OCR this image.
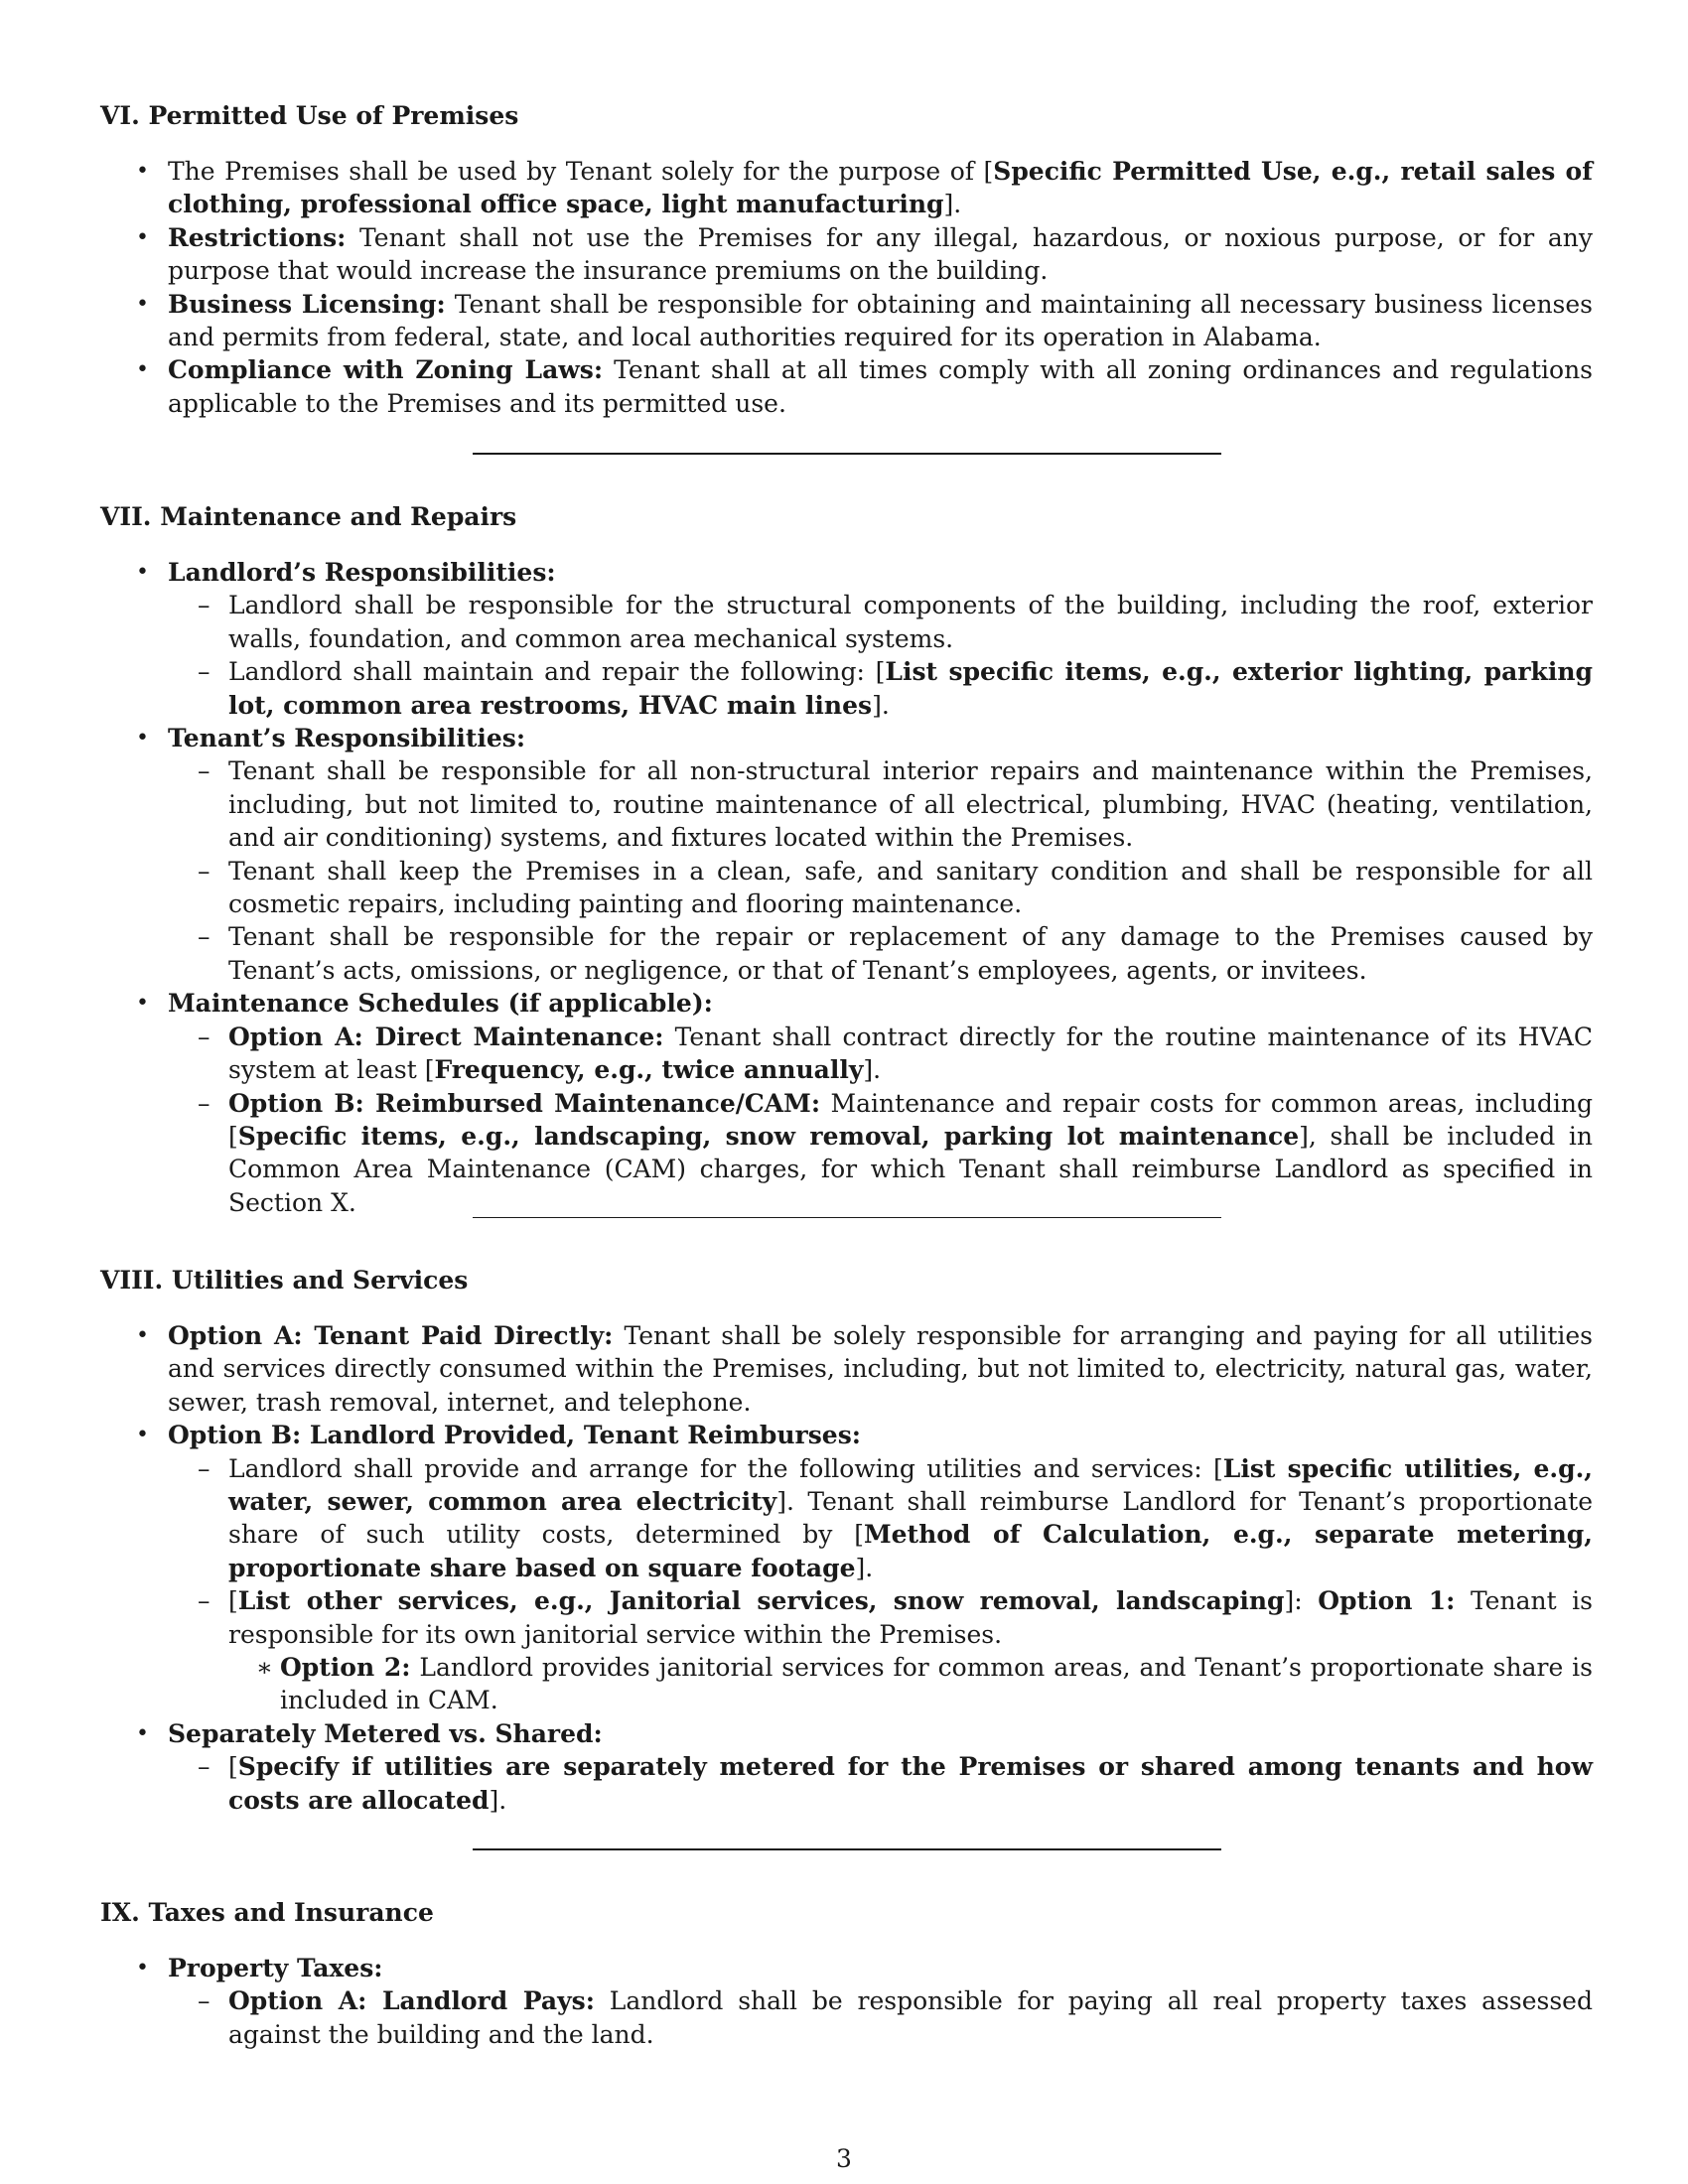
VI. Permitted Use of Premises
• The Premises shall be used by Tenant solely for the purpose of [Specific Permitted Use, e.g., retail sales of clothing, professional office space, light manufacturing].
• Restrictions: Tenant shall not use the Premises for any illegal, hazardous, or noxious purpose, or for any purpose that would increase the insurance premiums on the building.
• Business Licensing: Tenant shall be responsible for obtaining and maintaining all necessary business licenses and permits from federal, state, and local authorities required for its operation in Alabama.
• Compliance with Zoning Laws: Tenant shall at all times comply with all zoning ordinances and regulations applicable to the Premises and its permitted use.
VII. Maintenance and Repairs
• Landlord’s Responsibilities:
– Landlord shall be responsible for the structural components of the building, including the roof, exterior walls, foundation, and common area mechanical systems.
– Landlord shall maintain and repair the following: [List specific items, e.g., exterior lighting, parking lot, common area restrooms, HVAC main lines].
• Tenant’s Responsibilities:
– Tenant shall be responsible for all non-structural interior repairs and maintenance within the Premises, including, but not limited to, routine maintenance of all electrical, plumbing, HVAC (heating, ventilation, and air conditioning) systems, and fixtures located within the Premises.
– Tenant shall keep the Premises in a clean, safe, and sanitary condition and shall be responsible for all cosmetic repairs, including painting and flooring maintenance.
– Tenant shall be responsible for the repair or replacement of any damage to the Premises caused by Tenant’s acts, omissions, or negligence, or that of Tenant’s employees, agents, or invitees.
• Maintenance Schedules (if applicable):
– Option A: Direct Maintenance: Tenant shall contract directly for the routine maintenance of its HVAC system at least [Frequency, e.g., twice annually].
– Option B: Reimbursed Maintenance/CAM: Maintenance and repair costs for common areas, including [Specific items, e.g., landscaping, snow removal, parking lot maintenance], shall be included in Common Area Maintenance (CAM) charges, for which Tenant shall reimburse Landlord as specified in Section X.
VIII. Utilities and Services
• Option A: Tenant Paid Directly: Tenant shall be solely responsible for arranging and paying for all utilities and services directly consumed within the Premises, including, but not limited to, electricity, natural gas, water, sewer, trash removal, internet, and telephone.
• Option B: Landlord Provided, Tenant Reimburses:
– Landlord shall provide and arrange for the following utilities and services: [List specific utilities, e.g., water, sewer, common area electricity]. Tenant shall reimburse Landlord for Tenant’s proportionate share of such utility costs, determined by [Method of Calculation, e.g., separate metering, proportionate share based on square footage].
– [List other services, e.g., Janitorial services, snow removal, landscaping]: Option 1: Tenant is responsible for its own janitorial service within the Premises.
∗ Option 2: Landlord provides janitorial services for common areas, and Tenant’s proportionate share is included in CAM.
• Separately Metered vs. Shared:
– [Specify if utilities are separately metered for the Premises or shared among tenants and how costs are allocated].
IX. Taxes and Insurance
• Property Taxes:
– Option A: Landlord Pays: Landlord shall be responsible for paying all real property taxes assessed against the building and the land.
3
